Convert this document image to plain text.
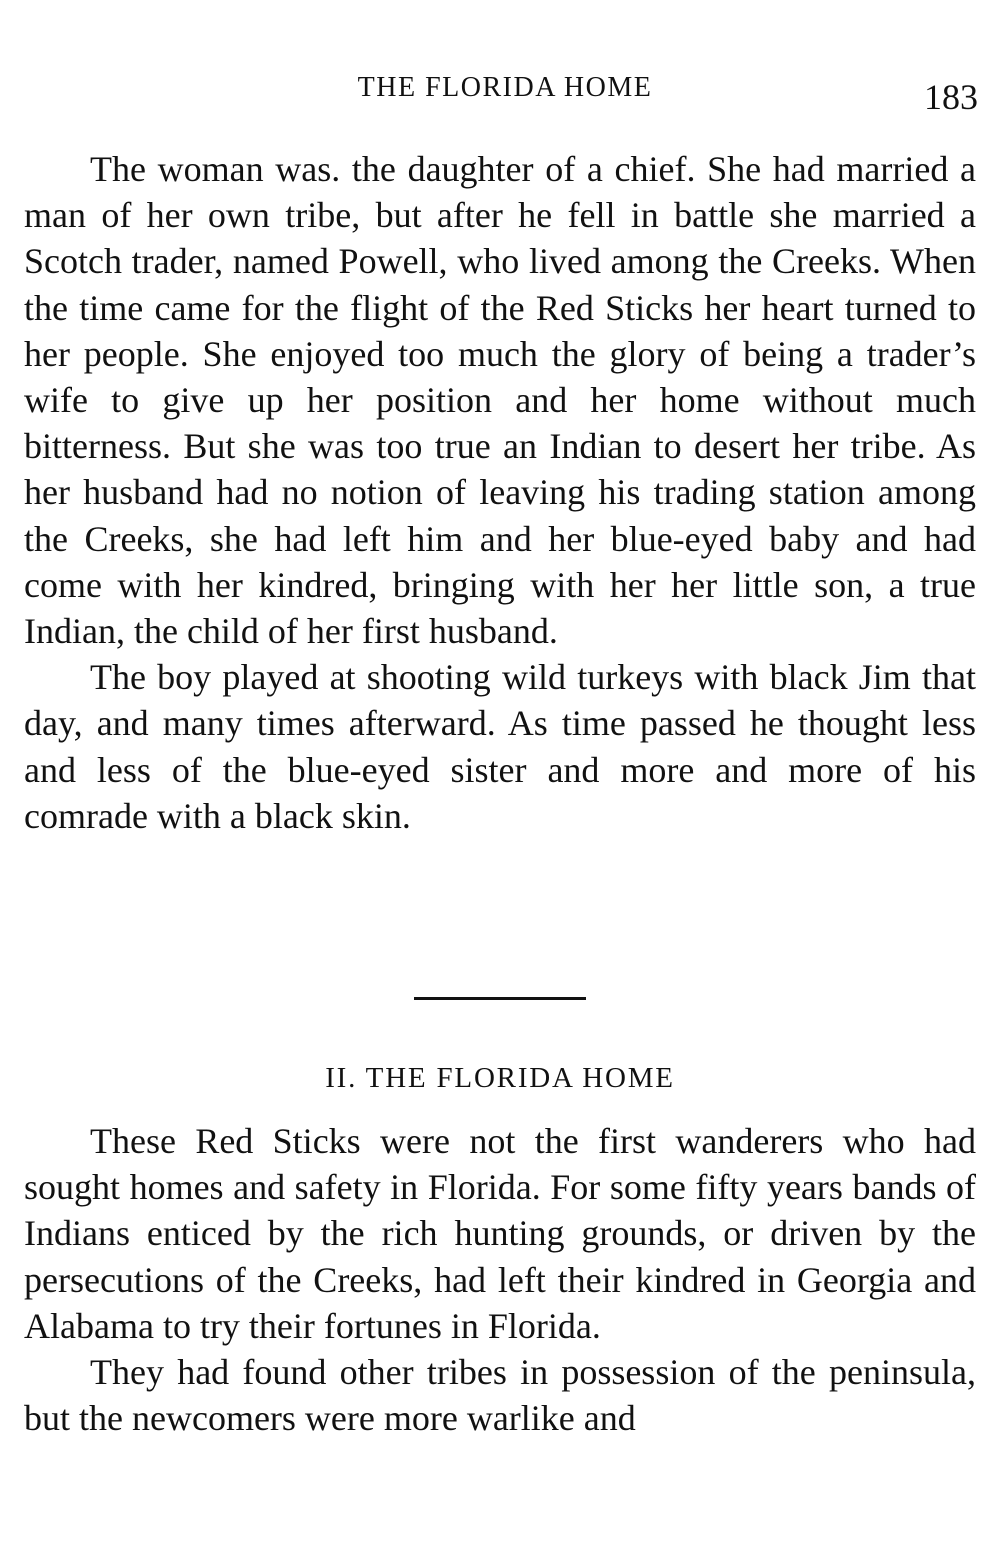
THE FLORIDA HOME	183

The woman was. the daughter of a chief. She had married a man of her own tribe, but after he fell in battle she married a Scotch trader, named Powell, who lived among the Creeks. When the time came for the flight of the Red Sticks her heart turned to her people. She enjoyed too much the glory of being a trader’s wife to give up her position and her home without much bitterness. But she was too true an Indian to desert her tribe. As her husband had no notion of leaving his trading station among the Creeks, she had left him and her blue-eyed baby and had come with her kindred, bringing with her her little son, a true Indian, the child of her first husband.

The boy played at shooting wild turkeys with black Jim that day, and many times afterward. As time passed he thought less and less of the blue-eyed sister and more and more of his comrade with a black skin.

II. THE FLORIDA HOME

These Red Sticks were not the first wanderers who had sought homes and safety in Florida. For some fifty years bands of Indians enticed by the rich hunting grounds, or driven by the persecutions of the Creeks, had left their kindred in Georgia and Alabama to try their fortunes in Florida.

They had found other tribes in possession of the peninsula, but the newcomers were more warlike and
